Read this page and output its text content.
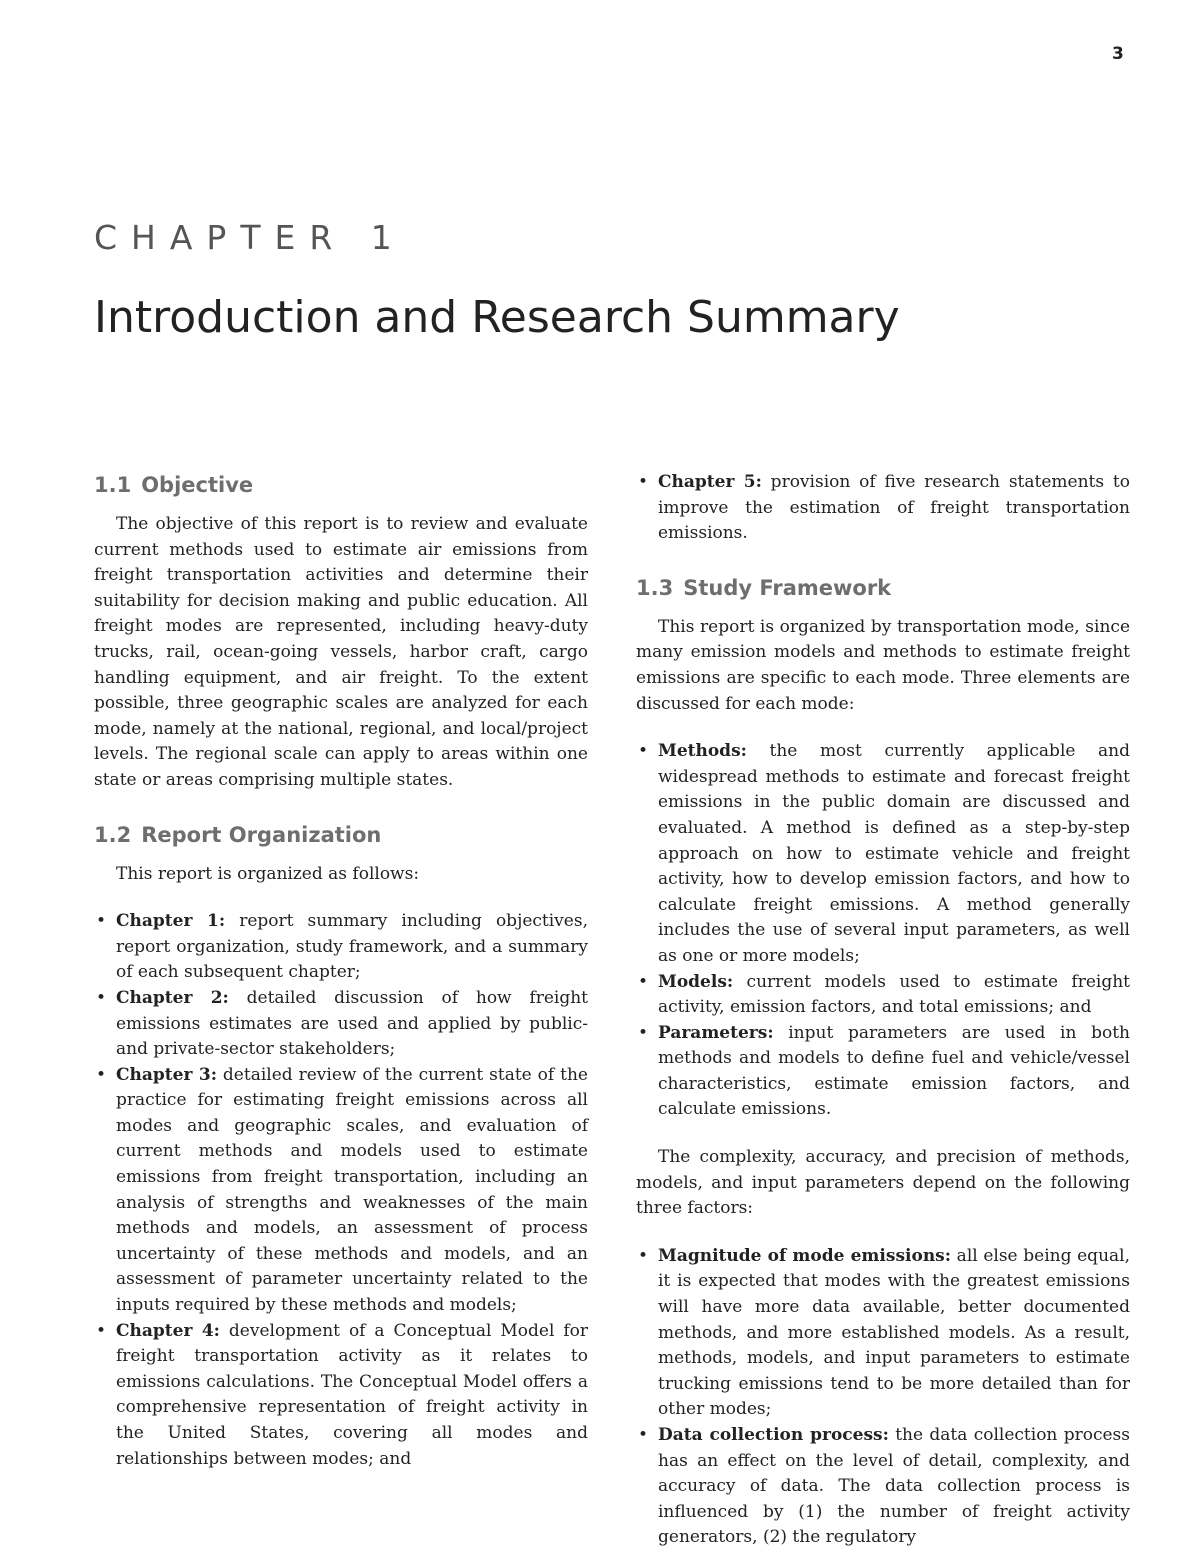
3
CHAPTER 1
Introduction and Research Summary
1.1 Objective

The objective of this report is to review and evaluate current methods used to estimate air emissions from freight transportation activities and determine their suitability for decision making and public education. All freight modes are represented, including heavy-duty trucks, rail, ocean-going vessels, harbor craft, cargo handling equipment, and air freight. To the extent possible, three geographic scales are analyzed for each mode, namely at the national, regional, and local/project levels. The regional scale can apply to areas within one state or areas comprising multiple states.

1.2 Report Organization

This report is organized as follows:

• Chapter 1: report summary including objectives, report organization, study framework, and a summary of each subsequent chapter;
• Chapter 2: detailed discussion of how freight emissions estimates are used and applied by public- and private-sector stakeholders;
• Chapter 3: detailed review of the current state of the practice for estimating freight emissions across all modes and geographic scales, and evaluation of current methods and models used to estimate emissions from freight transportation, including an analysis of strengths and weaknesses of the main methods and models, an assessment of process uncertainty of these methods and models, and an assessment of parameter uncertainty related to the inputs required by these methods and models;
• Chapter 4: development of a Conceptual Model for freight transportation activity as it relates to emissions calculations. The Conceptual Model offers a comprehensive representation of freight activity in the United States, covering all modes and relationships between modes; and
• Chapter 5: provision of five research statements to improve the estimation of freight transportation emissions.
1.3 Study Framework

This report is organized by transportation mode, since many emission models and methods to estimate freight emissions are specific to each mode. Three elements are discussed for each mode:

• Methods: the most currently applicable and widespread methods to estimate and forecast freight emissions in the public domain are discussed and evaluated. A method is defined as a step-by-step approach on how to estimate vehicle and freight activity, how to develop emission factors, and how to calculate freight emissions. A method generally includes the use of several input parameters, as well as one or more models;
• Models: current models used to estimate freight activity, emission factors, and total emissions; and
• Parameters: input parameters are used in both methods and models to define fuel and vehicle/vessel characteristics, estimate emission factors, and calculate emissions.

The complexity, accuracy, and precision of methods, models, and input parameters depend on the following three factors:

• Magnitude of mode emissions: all else being equal, it is expected that modes with the greatest emissions will have more data available, better documented methods, and more established models. As a result, methods, models, and input parameters to estimate trucking emissions tend to be more detailed than for other modes;
• Data collection process: the data collection process has an effect on the level of detail, complexity, and accuracy of data. The data collection process is influenced by (1) the number of freight activity generators, (2) the regulatory
